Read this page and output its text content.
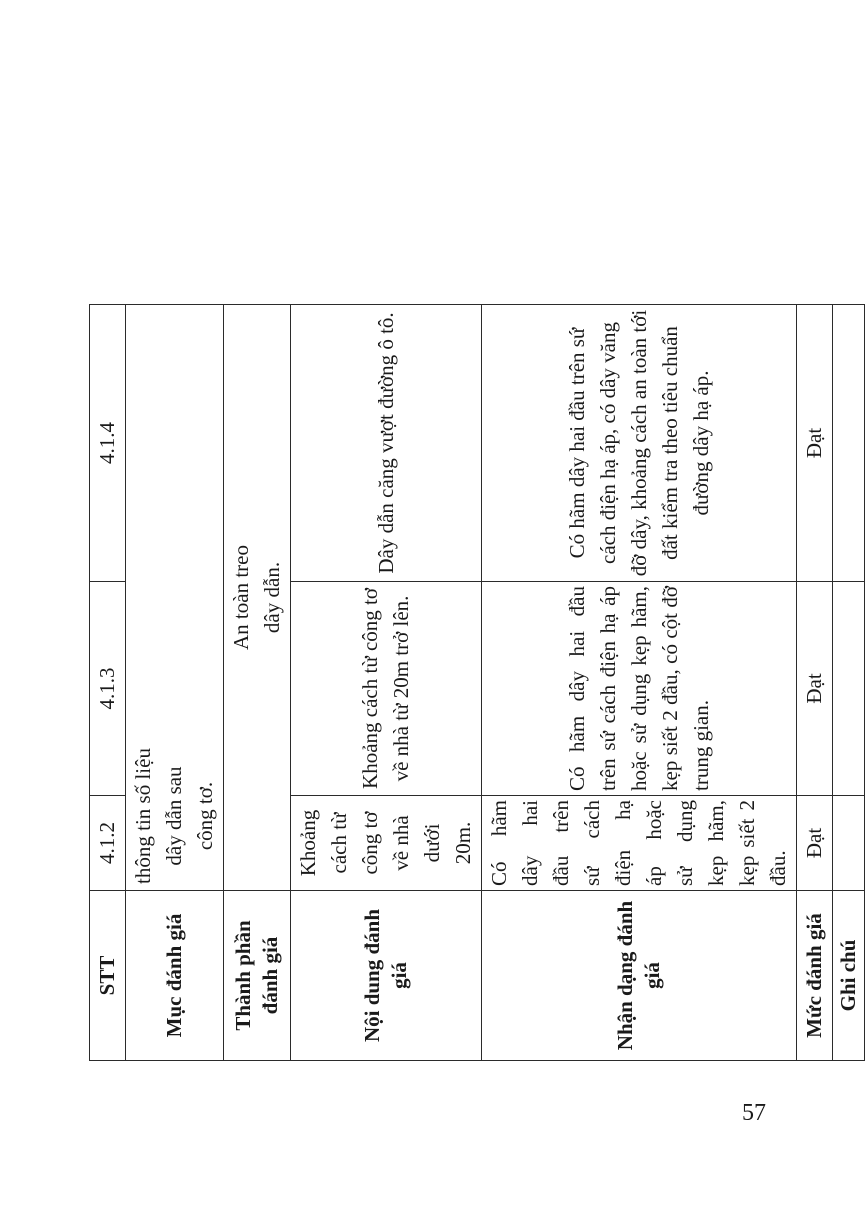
STT	4.1.2	4.1.3	4.1.4
Mục đánh giá	thông tin số liệu dây dẫn sau công tơ.		

Thành phần đánh giá	An toàn treo dây dẫn.		

Nội dung đánh giá	Khoảng cách từ công tơ về nhà dưới 20m.	Khoảng cách từ công tơ về nhà từ 20m trở lên.	Dây dẫn căng vượt đường ô tô.
Nhận dạng đánh giá	Có hãm dây hai đầu trên sứ cách điện hạ áp hoặc sử dụng kẹp hãm, kẹp siết 2 đầu.	Có hãm dây hai đầu trên sứ cách điện hạ áp hoặc sử dụng kẹp hãm, kẹp siết 2 đầu, có cột đỡ trung gian.	Có hãm dây hai đầu trên sứ cách điện hạ áp, có dây văng đỡ dây, khoảng cách an toàn tới đất kiểm tra theo tiêu chuẩn đường dây hạ áp.
Mức đánh giá	Đạt	Đạt	Đạt
Ghi chú			
57
